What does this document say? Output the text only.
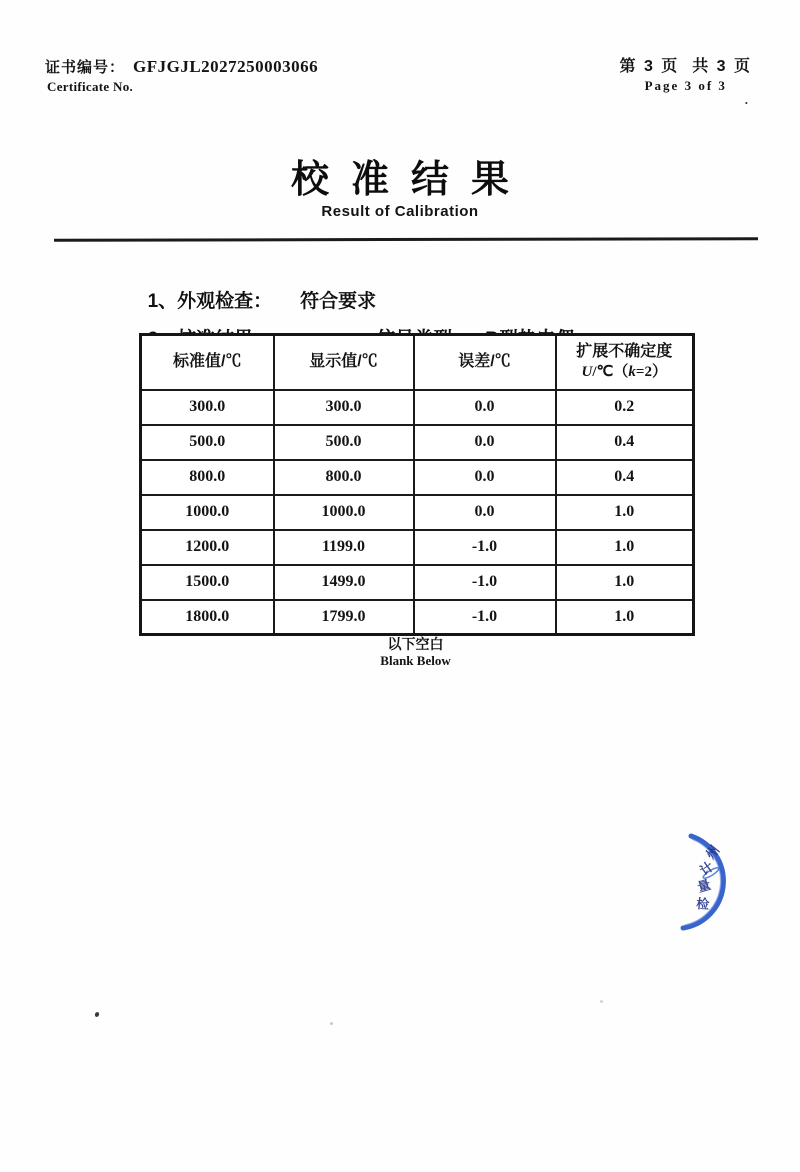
证书编号： GFJGJL2027250003066
Certificate No.
第 3 页  共 3 页
Page 3 of 3
.
校准结果
Result of Calibration

1、外观检查： 符合要求

标准值/℃	显示值/℃	误差/℃	扩展不确定度
U/℃（k=2）
300.0	300.0	0.0	0.2
500.0	500.0	0.0	0.4
800.0	800.0	0.0	0.4
1000.0	1000.0	0.0	1.0
1200.0	1199.0	-1.0	1.0
1500.0	1499.0	-1.0	1.0
1800.0	1799.0	-1.0	1.0
以下空白
Blank Below
州
计
量
检
